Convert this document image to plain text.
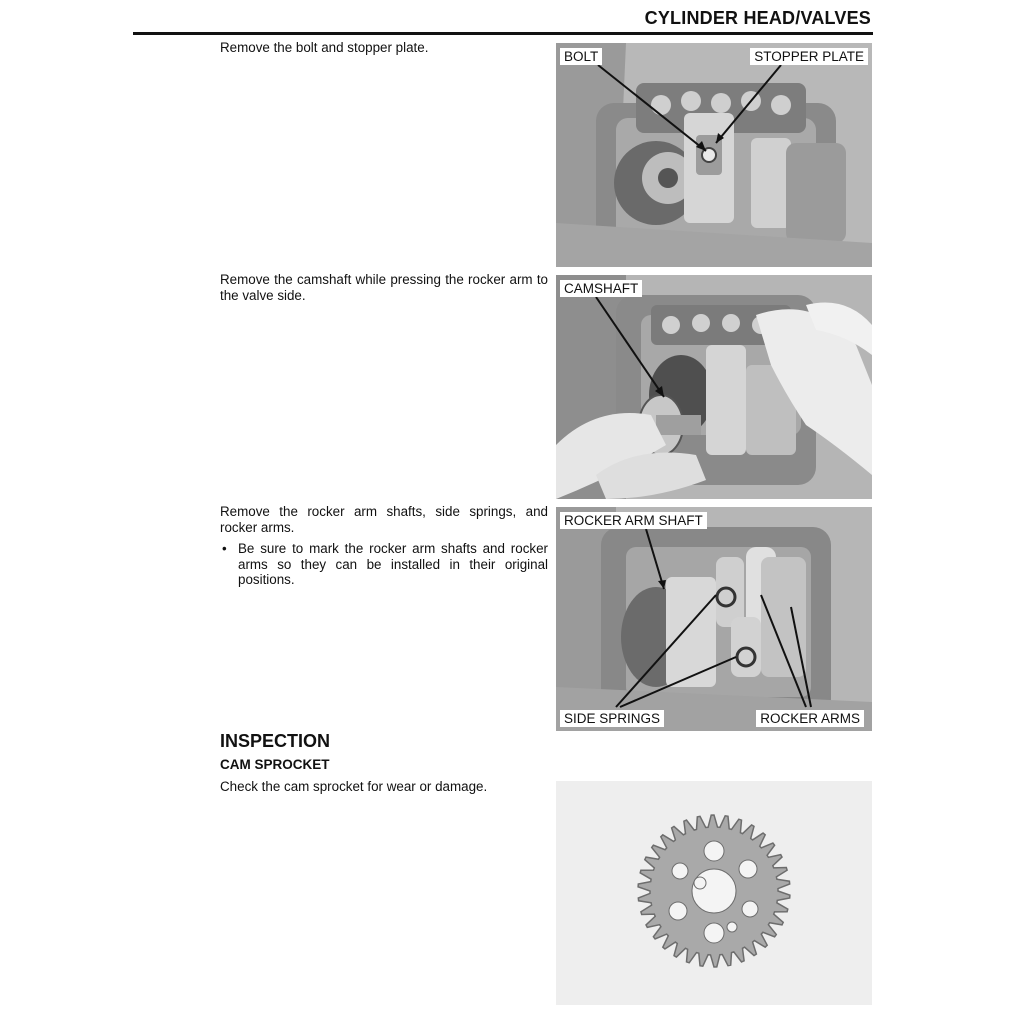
CYLINDER HEAD/VALVES
Remove the bolt and stopper plate.
Remove the camshaft while pressing the rocker arm to the valve side.
Remove the rocker arm shafts, side springs, and rocker arms.
• Be sure to mark the rocker arm shafts and rocker arms so they can be installed in their original positions.
INSPECTION
CAM SPROCKET
Check the cam sprocket for wear or damage.
BOLT	STOPPER PLATE
CAMSHAFT
ROCKER ARM SHAFT
SIDE SPRINGS	ROCKER ARMS
